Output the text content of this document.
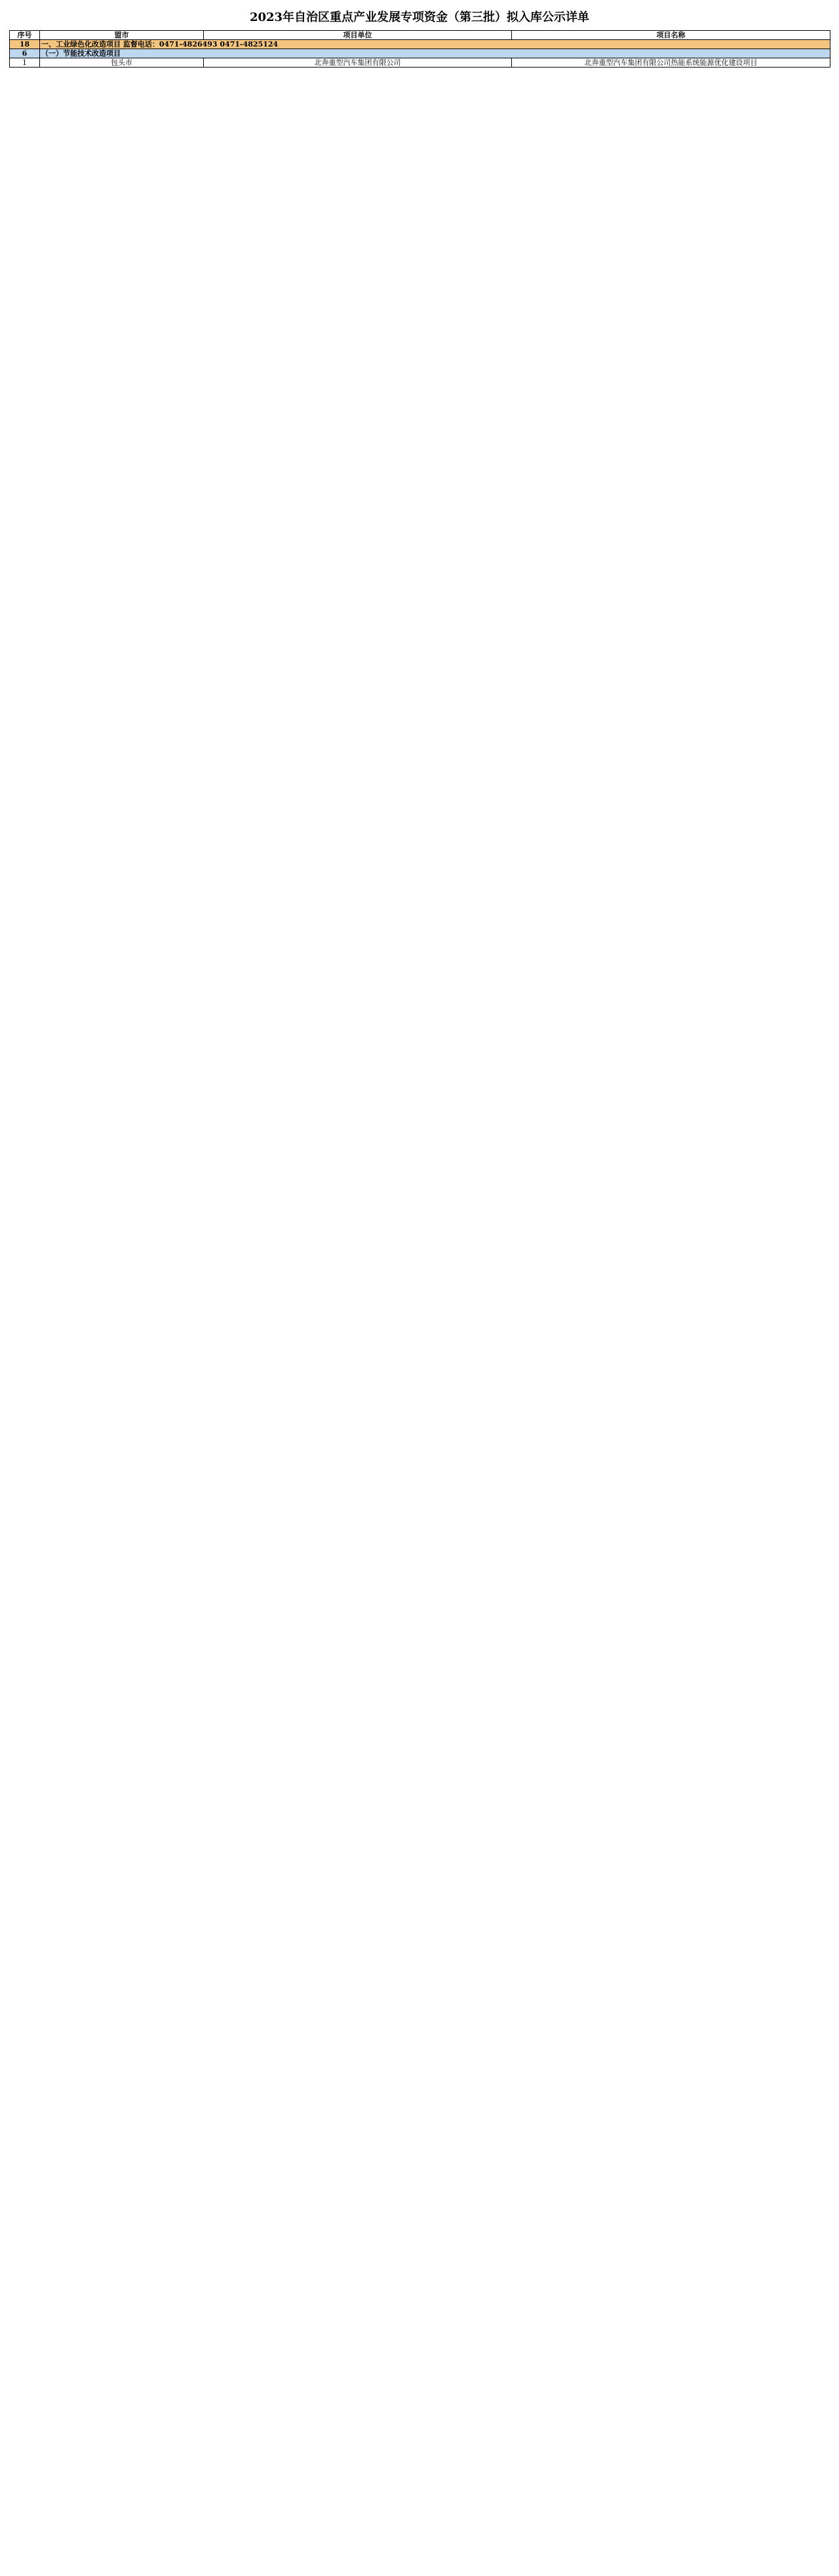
2023年自治区重点产业发展专项资金（第三批）拟入库公示详单
序号	盟市	项目单位	项目名称
18	一、工业绿色化改造项目 监督电话：0471-4826493 0471-4825124		
6	（一）节能技术改造项目		
1	包头市	北奔重型汽车集团有限公司	北奔重型汽车集团有限公司热能系统能源优化建设项目
